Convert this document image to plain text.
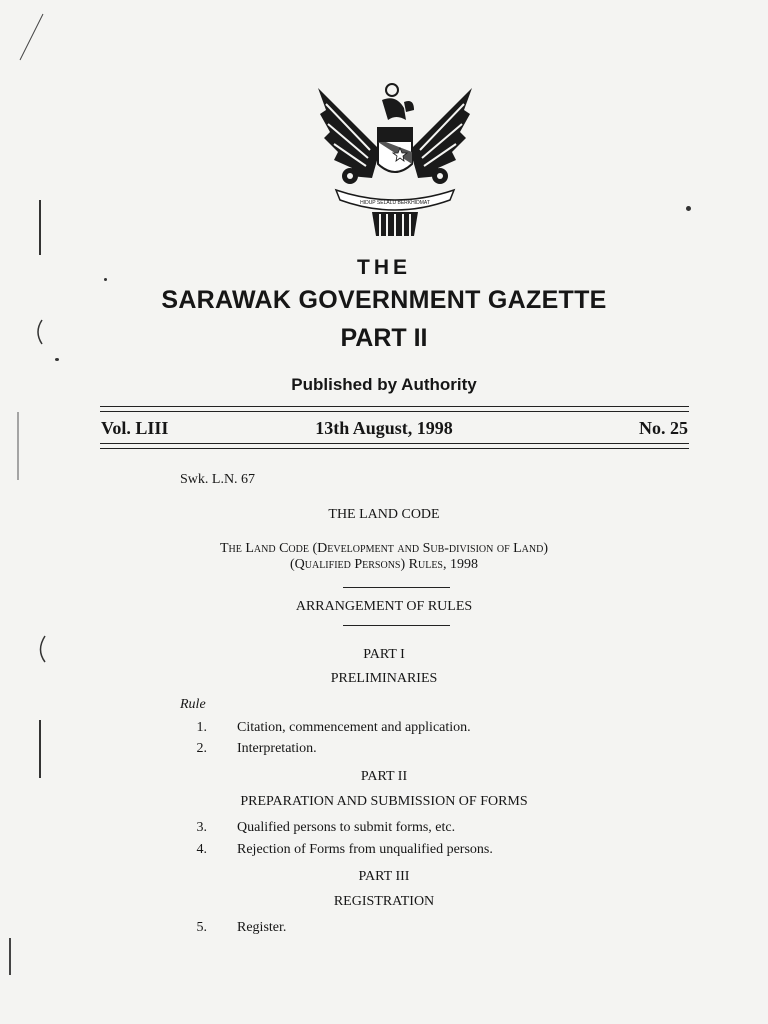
HIDUP SELALU BERKHIDMAT
THE
SARAWAK GOVERNMENT GAZETTE
PART II
Published by Authority
Vol. LIII	13th August, 1998	No. 25
Swk. L.N. 67
THE LAND CODE
The Land Code (Development and Sub-division of Land)
(Qualified Persons) Rules, 1998
ARRANGEMENT OF RULES
PART I
PRELIMINARIES
Rule
1. Citation, commencement and application.
2. Interpretation.
PART II
PREPARATION AND SUBMISSION OF FORMS
3. Qualified persons to submit forms, etc.
4. Rejection of Forms from unqualified persons.
PART III
REGISTRATION
5. Register.
